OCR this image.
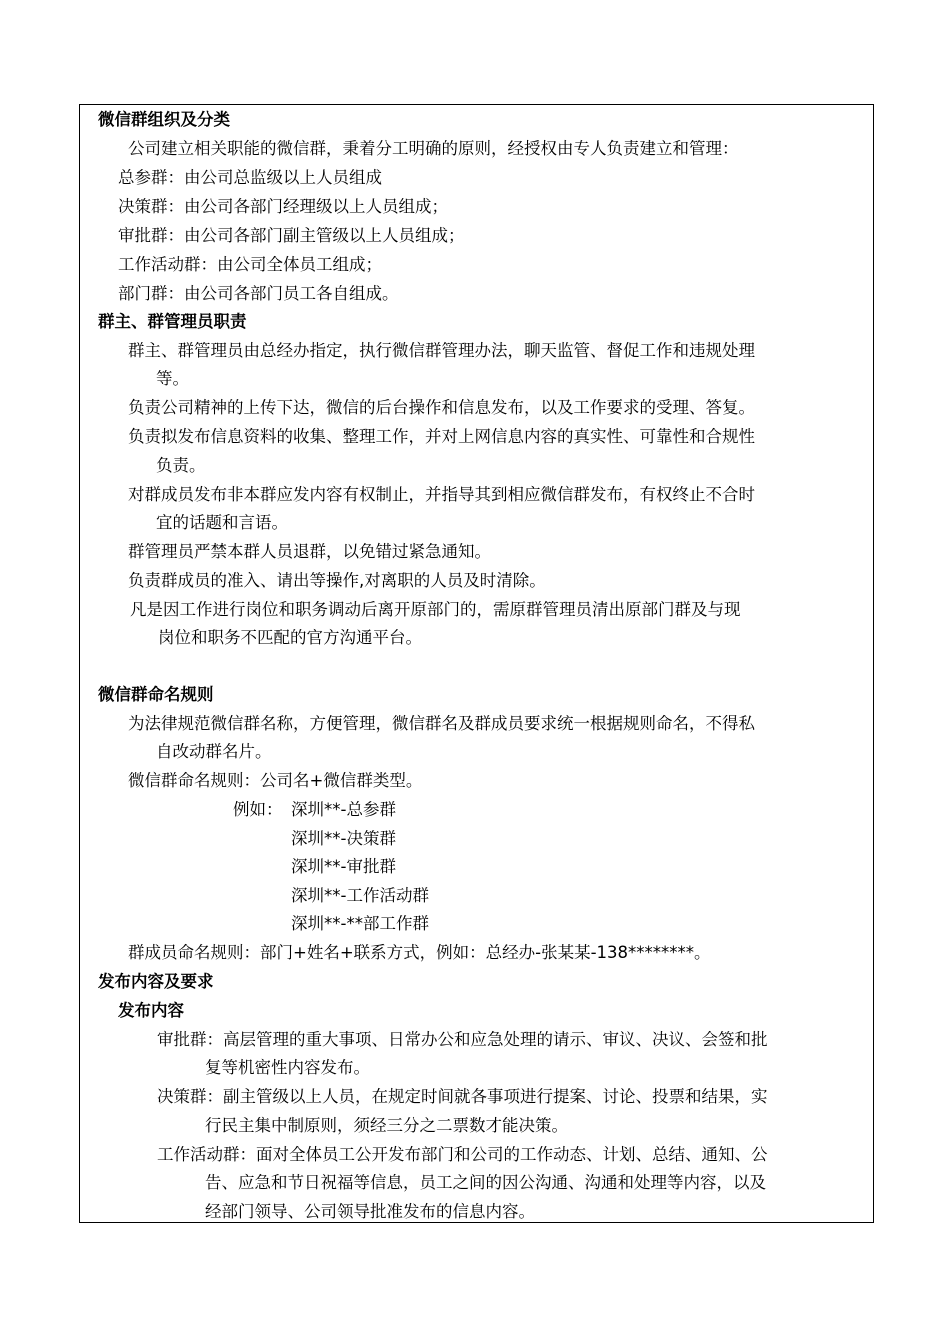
微信群组织及分类
公司建立相关职能的微信群，秉着分工明确的原则，经授权由专人负责建立和管理：
总参群：由公司总监级以上人员组成
决策群：由公司各部门经理级以上人员组成；
审批群：由公司各部门副主管级以上人员组成；
工作活动群：由公司全体员工组成；
部门群：由公司各部门员工各自组成。
群主、群管理员职责
群主、群管理员由总经办指定，执行微信群管理办法，聊天监管、督促工作和违规处理
等。
负责公司精神的上传下达，微信的后台操作和信息发布，以及工作要求的受理、答复。
负责拟发布信息资料的收集、整理工作，并对上网信息内容的真实性、可靠性和合规性
负责。
对群成员发布非本群应发内容有权制止，并指导其到相应微信群发布，有权终止不合时
宜的话题和言语。
群管理员严禁本群人员退群，以免错过紧急通知。
负责群成员的准入、请出等操作,对离职的人员及时清除。
凡是因工作进行岗位和职务调动后离开原部门的，需原群管理员清出原部门群及与现
岗位和职务不匹配的官方沟通平台。
微信群命名规则
为法律规范微信群名称，方便管理，微信群名及群成员要求统一根据规则命名，不得私
自改动群名片。
微信群命名规则：公司名+微信群类型。
例如： 深圳**-总参群
深圳**-决策群
深圳**-审批群
深圳**-工作活动群
深圳**-**部工作群
群成员命名规则：部门+姓名+联系方式，例如：总经办-张某某-138********。
发布内容及要求
发布内容
审批群：高层管理的重大事项、日常办公和应急处理的请示、审议、决议、会签和批
复等机密性内容发布。
决策群：副主管级以上人员，在规定时间就各事项进行提案、讨论、投票和结果，实
行民主集中制原则，须经三分之二票数才能决策。
工作活动群：面对全体员工公开发布部门和公司的工作动态、计划、总结、通知、公
告、应急和节日祝福等信息，员工之间的因公沟通、沟通和处理等内容，以及
经部门领导、公司领导批准发布的信息内容。
